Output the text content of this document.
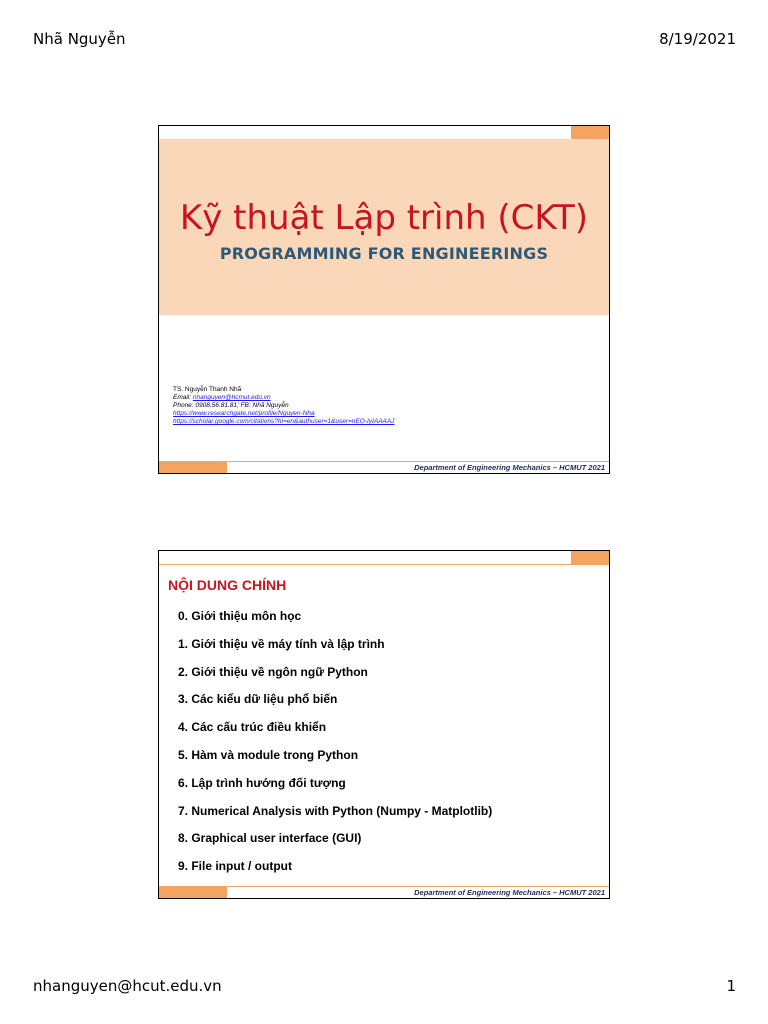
Nhã Nguyễn	8/19/2021
Kỹ thuật Lập trình (CKT)
PROGRAMMING FOR ENGINEERINGS
TS. Nguyễn Thanh Nhã
Email: nhanguyen@hcmut.edu.vn
Phone: 0908.56.81.81; FB: Nhã Nguyễn
https://www.researchgate.net/profile/Nguyen-Nha
https://scholar.google.com/citations?hl=en&authuser=1&user=nEO-IyIAAAAJ
Department of Engineering Mechanics – HCMUT 2021
NỘI DUNG CHÍNH
0. Giới thiệu môn học
1. Giới thiệu về máy tính và lập trình
2. Giới thiệu về ngôn ngữ Python
3. Các kiểu dữ liệu phổ biến
4. Các cấu trúc điều khiển
5. Hàm và module trong Python
6. Lập trình hướng đối tượng
7. Numerical Analysis with Python (Numpy - Matplotlib)
8. Graphical user interface (GUI)
9. File input / output
Department of Engineering Mechanics – HCMUT 2021
nhanguyen@hcut.edu.vn	1
